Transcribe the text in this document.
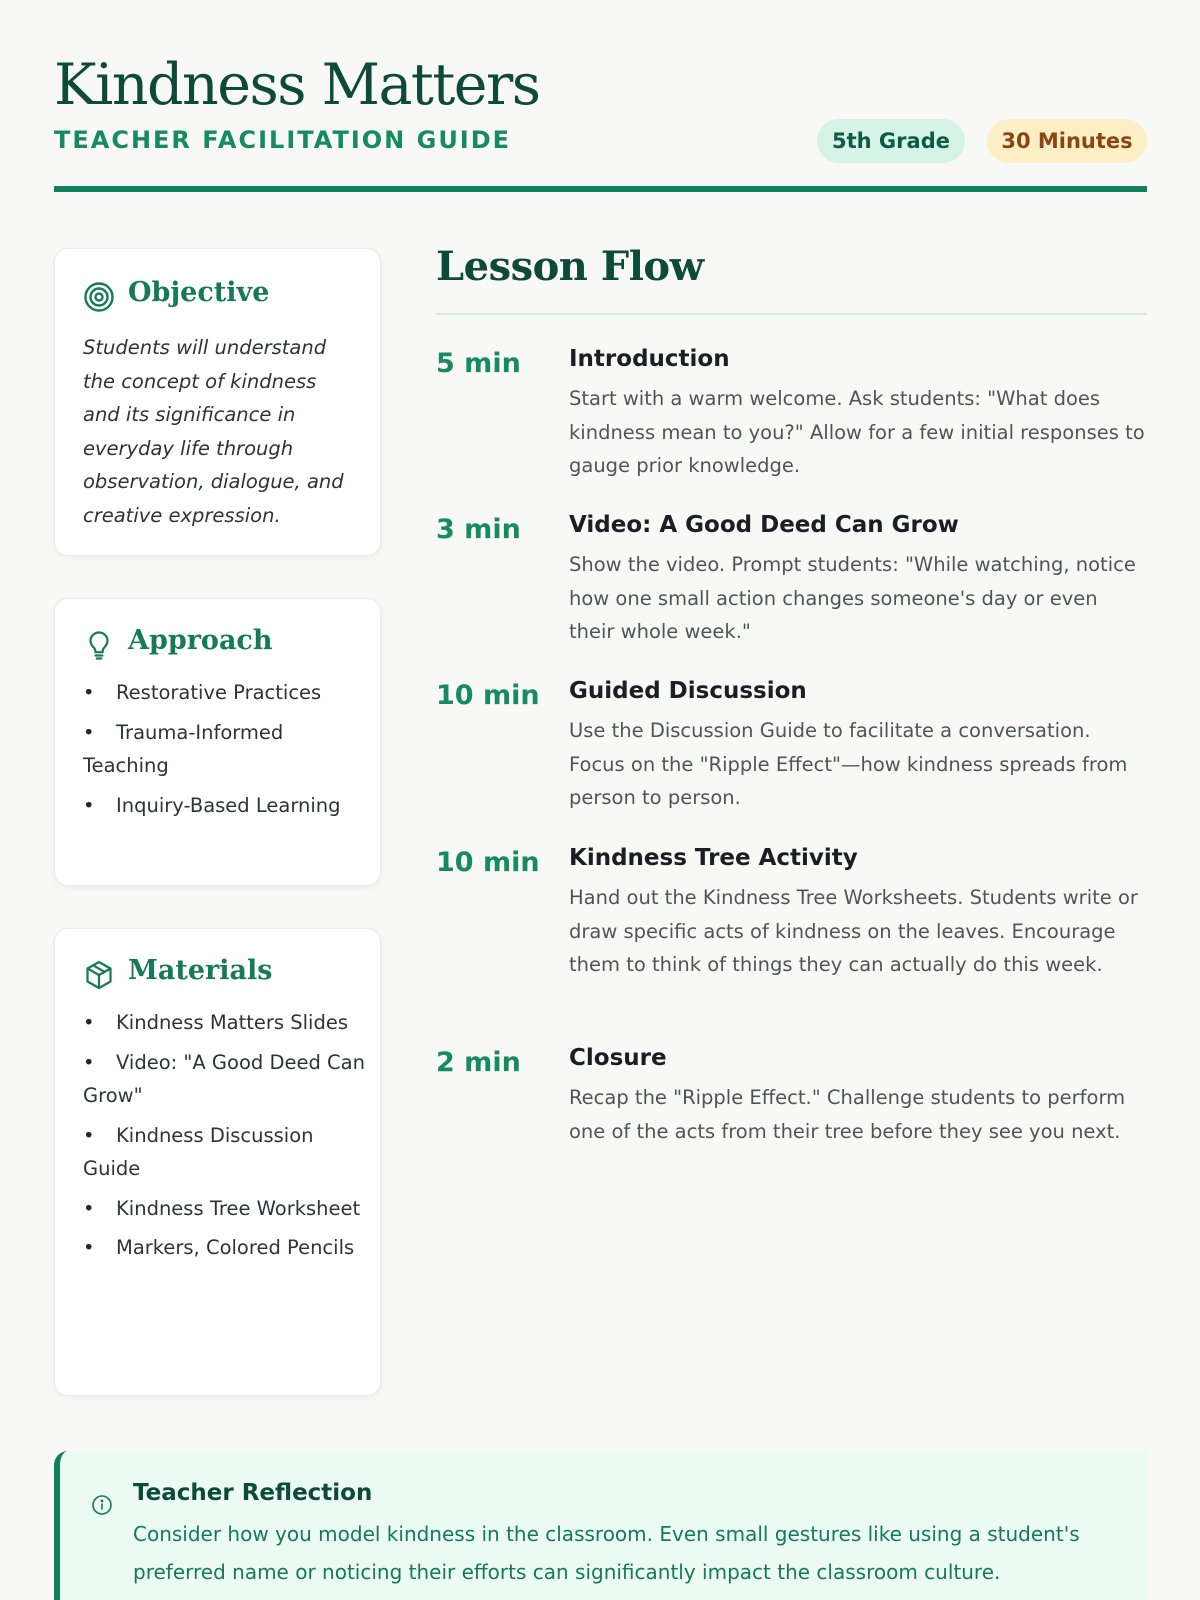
Kindness Matters
TEACHER FACILITATION GUIDE	5th Grade	30 Minutes
Objective

Students will understand the concept of kindness and its significance in everyday life through observation, dialogue, and creative expression.

Approach
• Restorative Practices
• Trauma-Informed Teaching
• Inquiry-Based Learning
Materials
• Kindness Matters Slides
• Video: "A Good Deed Can Grow"
• Kindness Discussion Guide
• Kindness Tree Worksheet
• Markers, Colored Pencils
Lesson Flow
5 min Introduction

Start with a warm welcome. Ask students: "What does kindness mean to you?" Allow for a few initial responses to gauge prior knowledge.

3 min Video: A Good Deed Can Grow

Show the video. Prompt students: "While watching, notice how one small action changes someone's day or even their whole week."

10 min Guided Discussion

Use the Discussion Guide to facilitate a conversation. Focus on the "Ripple Effect"—how kindness spreads from person to person.

10 min Kindness Tree Activity

Hand out the Kindness Tree Worksheets. Students write or draw specific acts of kindness on the leaves. Encourage them to think of things they can actually do this week.

2 min Closure

Recap the "Ripple Effect." Challenge students to perform one of the acts from their tree before they see you next.

Teacher Reflection

Consider how you model kindness in the classroom. Even small gestures like using a student's preferred name or noticing their efforts can significantly impact the classroom culture.
